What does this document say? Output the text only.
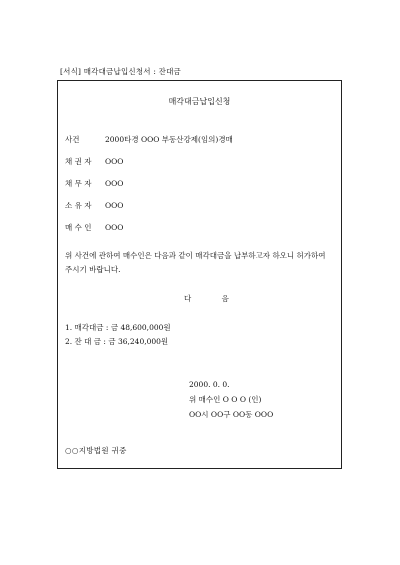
[서식] 매각대금납입신청서 : 잔대금
매각대금납입신청
사건	2000타경 OOO 부동산강제(임의)경매
채 권 자 OOO
채 무 자 OOO
소 유 자 OOO
매 수 인 OOO
위 사건에 관하여 매수인은 다음과 같이 매각대금을 납부하고자 하오니 허가하여 주시기 바랍니다.
다 음
1. 매각대금 : 금 48,600,000원
2. 잔 대 금 : 금 36,240,000원
2000. 0. 0.
위 매수인 O O O (인)
OO시 OO구 OO동 OOO
○○지방법원 귀중
